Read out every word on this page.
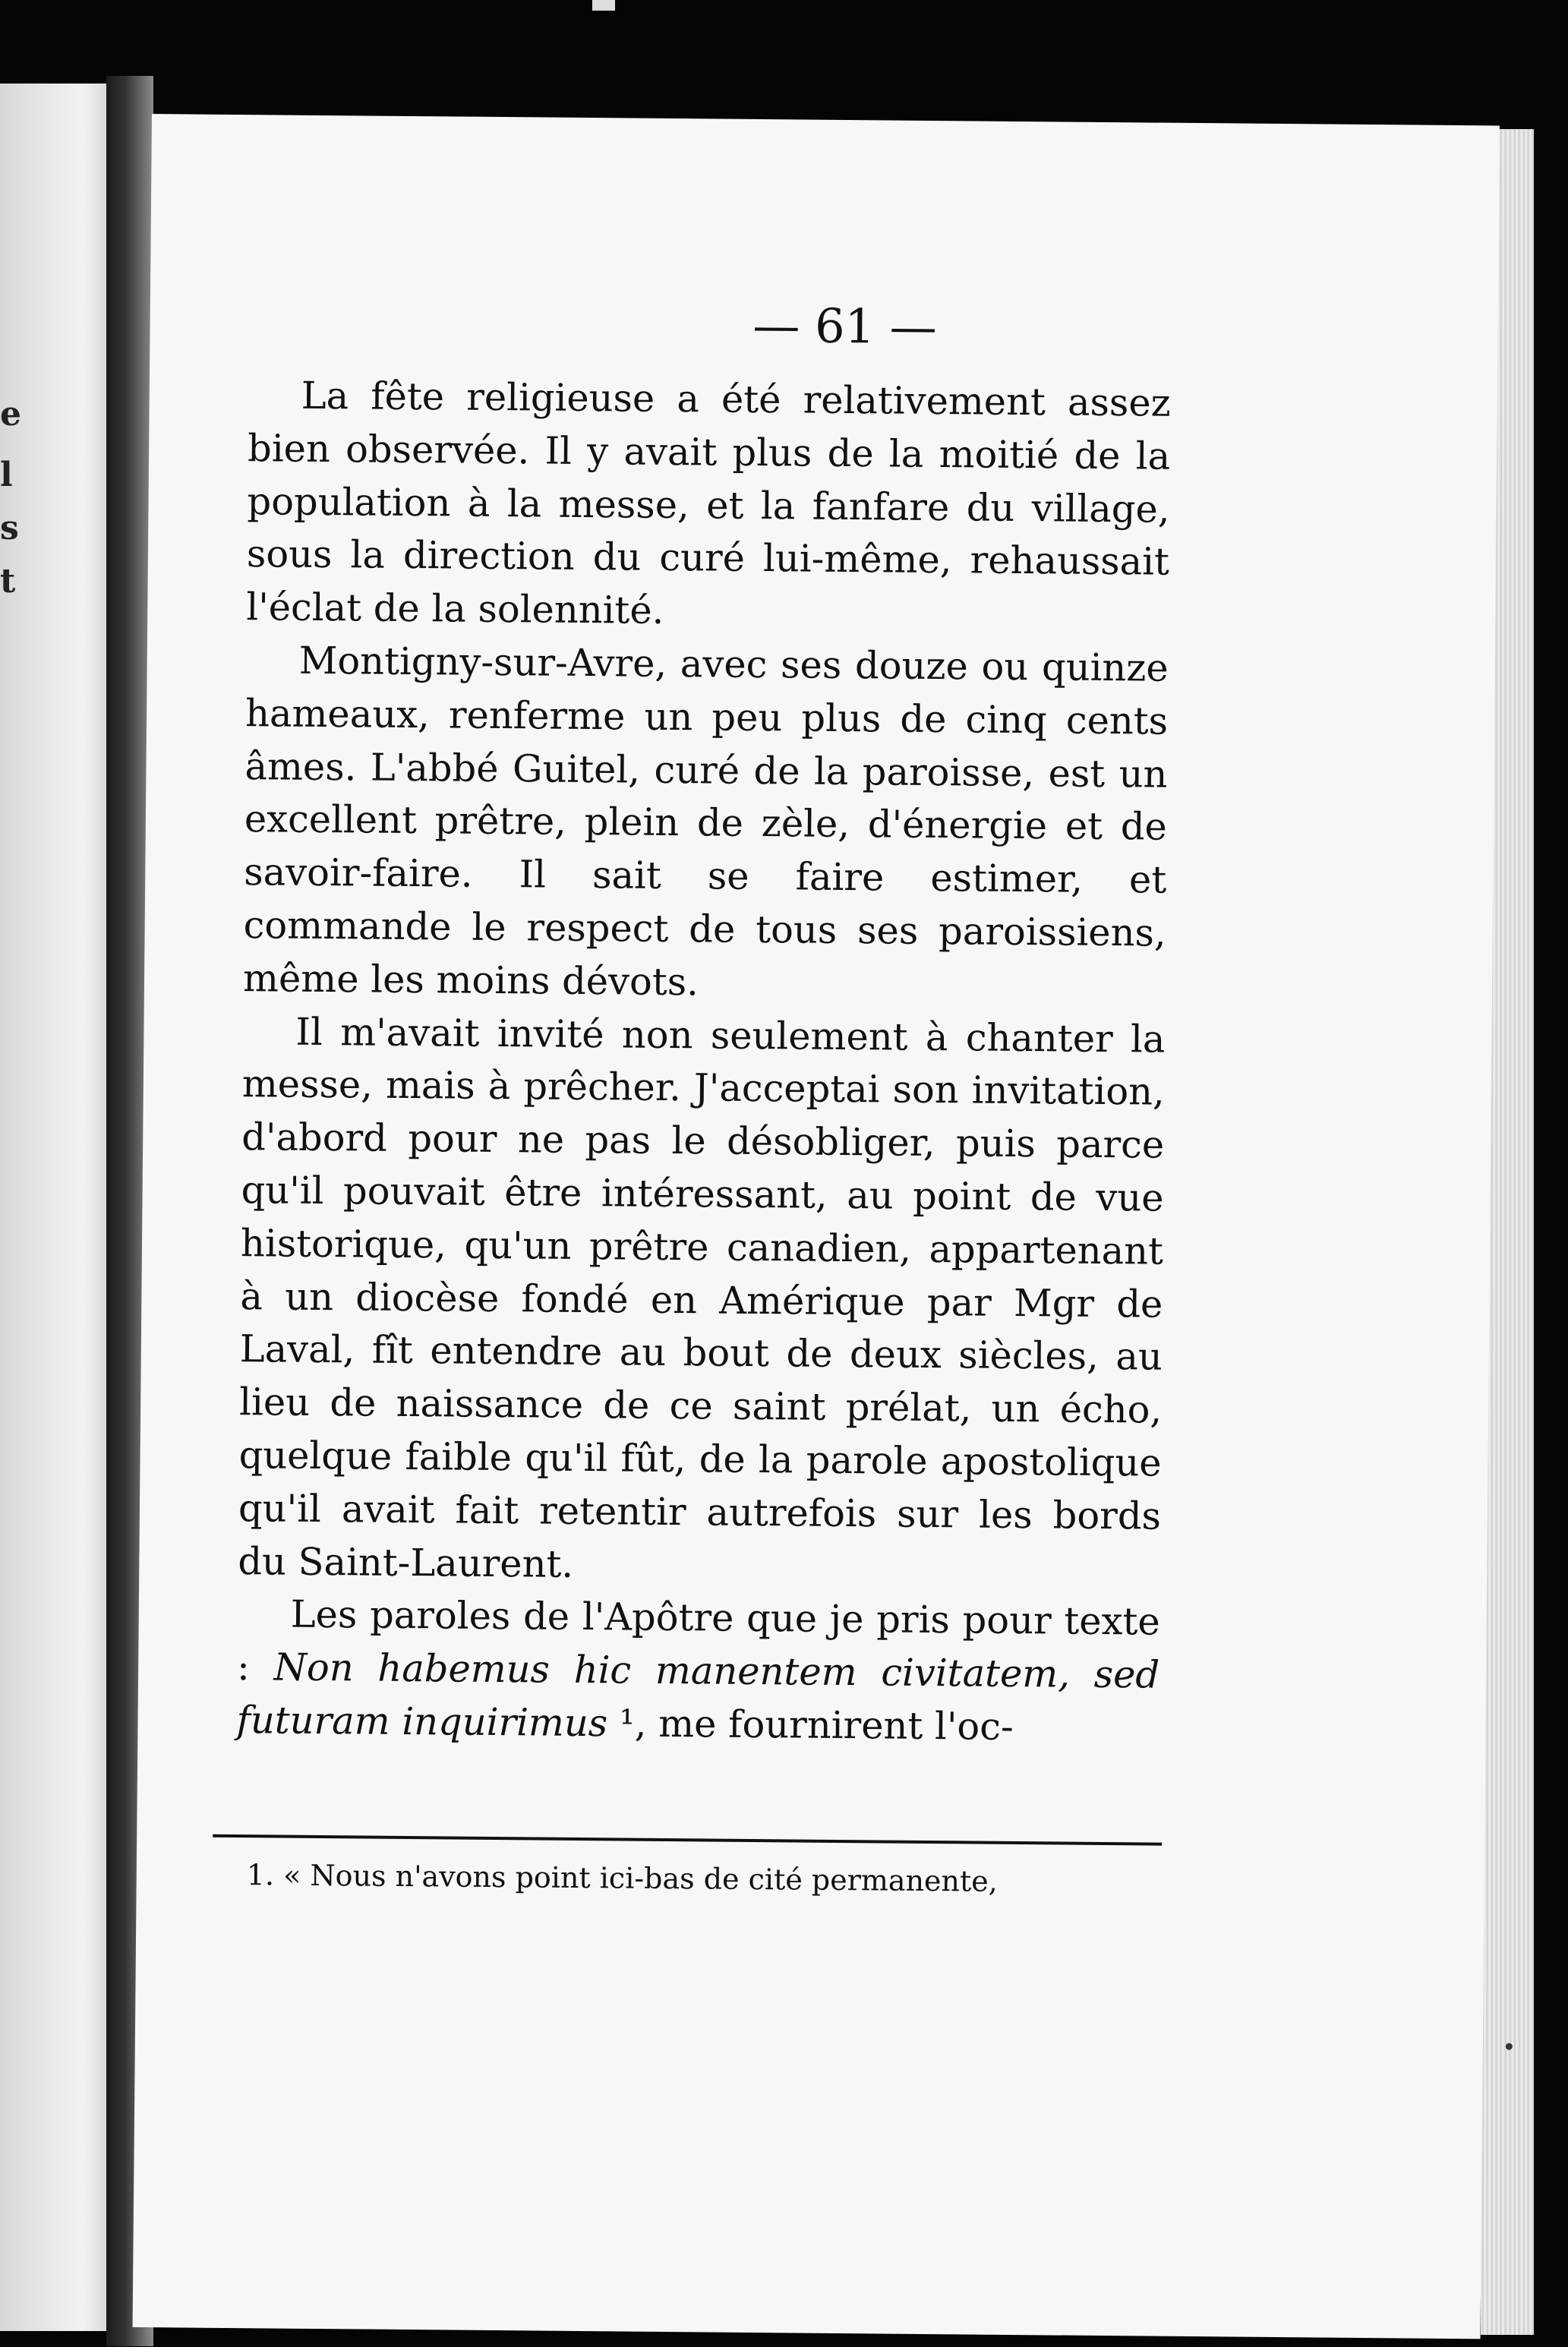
e
l
s
t
— 61 —

La fête religieuse a été relativement assez bien observée. Il y avait plus de la moitié de la population à la messe, et la fanfare du village, sous la direction du curé lui-même, rehaussait l'éclat de la solennité.

Montigny-sur-Avre, avec ses douze ou quinze hameaux, renferme un peu plus de cinq cents âmes. L'abbé Guitel, curé de la paroisse, est un excellent prêtre, plein de zèle, d'énergie et de savoir-faire. Il sait se faire estimer, et commande le respect de tous ses paroissiens, même les moins dévots.

Il m'avait invité non seulement à chanter la messe, mais à prêcher. J'acceptai son invitation, d'abord pour ne pas le désobliger, puis parce qu'il pouvait être intéressant, au point de vue historique, qu'un prêtre canadien, appartenant à un diocèse fondé en Amérique par Mgr de Laval, fît entendre au bout de deux siècles, au lieu de naissance de ce saint prélat, un écho, quelque faible qu'il fût, de la parole apostolique qu'il avait fait retentir autrefois sur les bords du Saint-Laurent.

Les paroles de l'Apôtre que je pris pour texte : Non habemus hic manentem civitatem, sed futuram inquirimus ¹, me fournirent l'oc-

1. « Nous n'avons point ici-bas de cité permanente,
